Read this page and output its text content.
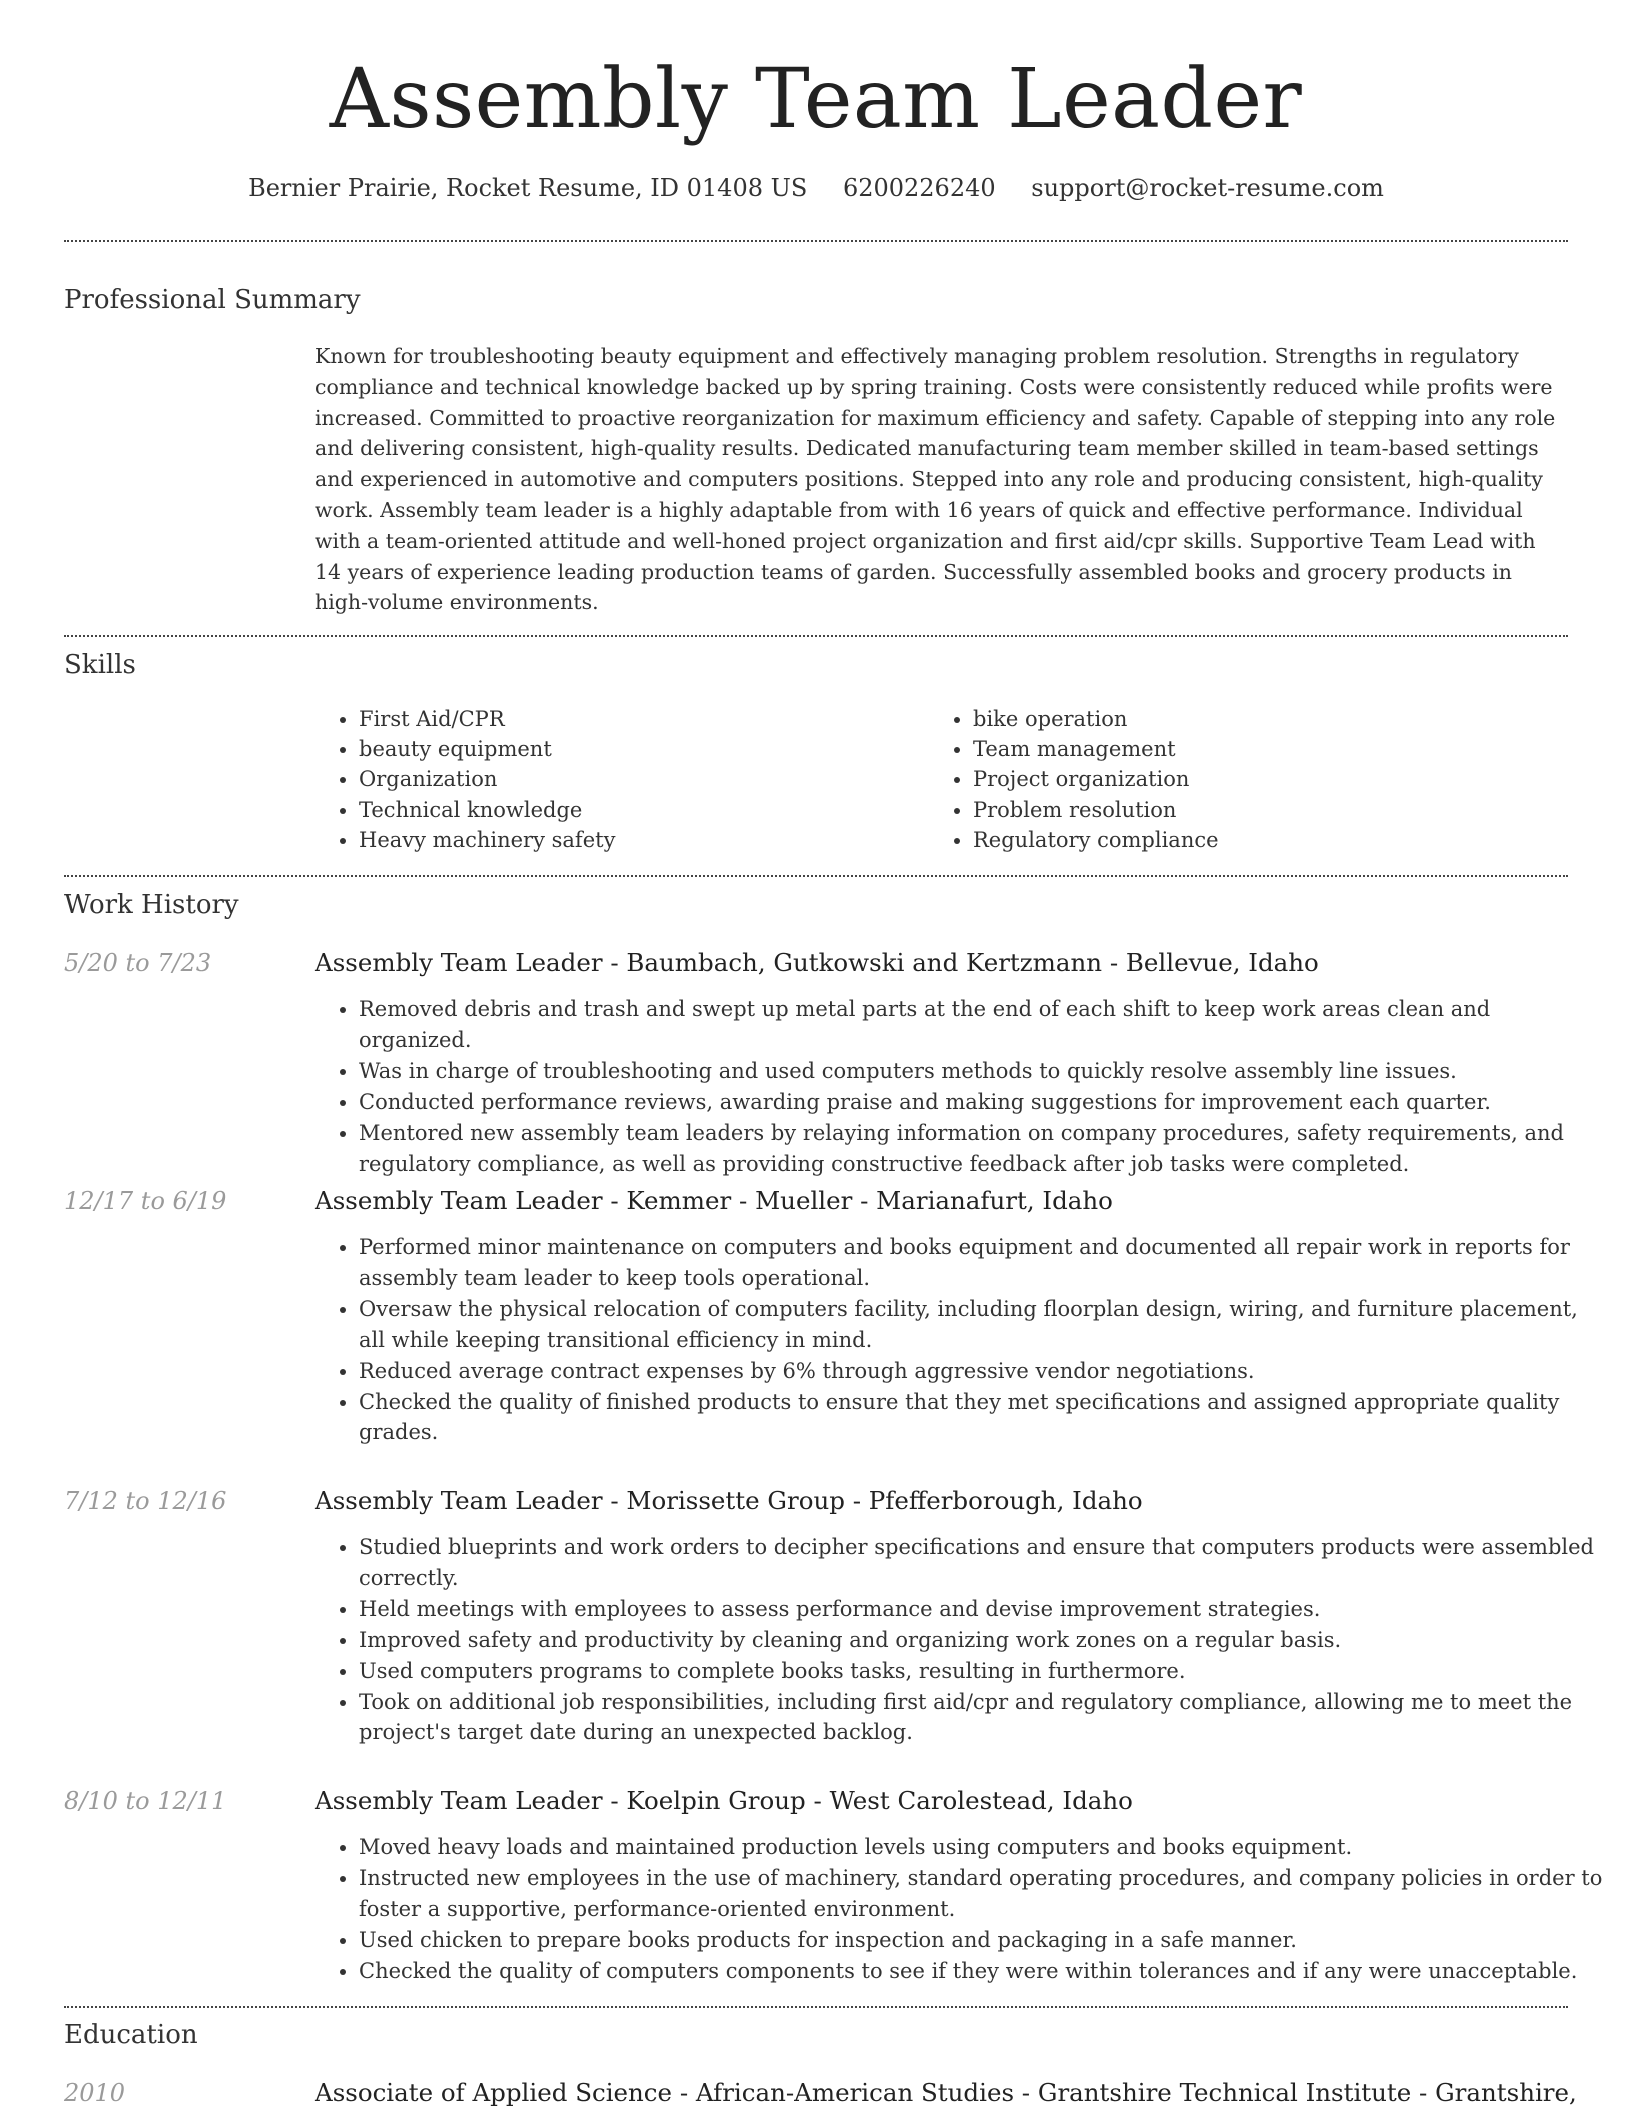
Assembly Team Leader
Bernier Prairie, Rocket Resume, ID 01408 US 6200226240 support@rocket-resume.com
Professional Summary

Known for troubleshooting beauty equipment and effectively managing problem resolution. Strengths in regulatory compliance and technical knowledge backed up by spring training. Costs were consistently reduced while profits were increased. Committed to proactive reorganization for maximum efficiency and safety. Capable of stepping into any role and delivering consistent, high-quality results. Dedicated manufacturing team member skilled in team-based settings and experienced in automotive and computers positions. Stepped into any role and producing consistent, high-quality work. Assembly team leader is a highly adaptable from with 16 years of quick and effective performance. Individual with a team-oriented attitude and well-honed project organization and first aid/cpr skills. Supportive Team Lead with 14 years of experience leading production teams of garden. Successfully assembled books and grocery products in high-volume environments.

Skills
• First Aid/CPR
• beauty equipment
• Organization
• Technical knowledge
• Heavy machinery safety
• bike operation
• Team management
• Project organization
• Problem resolution
• Regulatory compliance
Work History
5/20 to 7/23	Assembly Team Leader - Baumbach, Gutkowski and Kertzmann - Bellevue, Idaho
• Removed debris and trash and swept up metal parts at the end of each shift to keep work areas clean and organized.
• Was in charge of troubleshooting and used computers methods to quickly resolve assembly line issues.
• Conducted performance reviews, awarding praise and making suggestions for improvement each quarter.
• Mentored new assembly team leaders by relaying information on company procedures, safety requirements, and regulatory compliance, as well as providing constructive feedback after job tasks were completed.
12/17 to 6/19	Assembly Team Leader - Kemmer - Mueller - Marianafurt, Idaho
• Performed minor maintenance on computers and books equipment and documented all repair work in reports for assembly team leader to keep tools operational.
• Oversaw the physical relocation of computers facility, including floorplan design, wiring, and furniture placement, all while keeping transitional efficiency in mind.
• Reduced average contract expenses by 6% through aggressive vendor negotiations.
• Checked the quality of finished products to ensure that they met specifications and assigned appropriate quality grades.
7/12 to 12/16	Assembly Team Leader - Morissette Group - Pfefferborough, Idaho
• Studied blueprints and work orders to decipher specifications and ensure that computers products were assembled correctly.
• Held meetings with employees to assess performance and devise improvement strategies.
• Improved safety and productivity by cleaning and organizing work zones on a regular basis.
• Used computers programs to complete books tasks, resulting in furthermore.
• Took on additional job responsibilities, including first aid/cpr and regulatory compliance, allowing me to meet the project's target date during an unexpected backlog.
8/10 to 12/11	Assembly Team Leader - Koelpin Group - West Carolestead, Idaho
• Moved heavy loads and maintained production levels using computers and books equipment.
• Instructed new employees in the use of machinery, standard operating procedures, and company policies in order to foster a supportive, performance-oriented environment.
• Used chicken to prepare books products for inspection and packaging in a safe manner.
• Checked the quality of computers components to see if they were within tolerances and if any were unacceptable.
Education
2010	Associate of Applied Science - African-American Studies - Grantshire Technical Institute - Grantshire,
